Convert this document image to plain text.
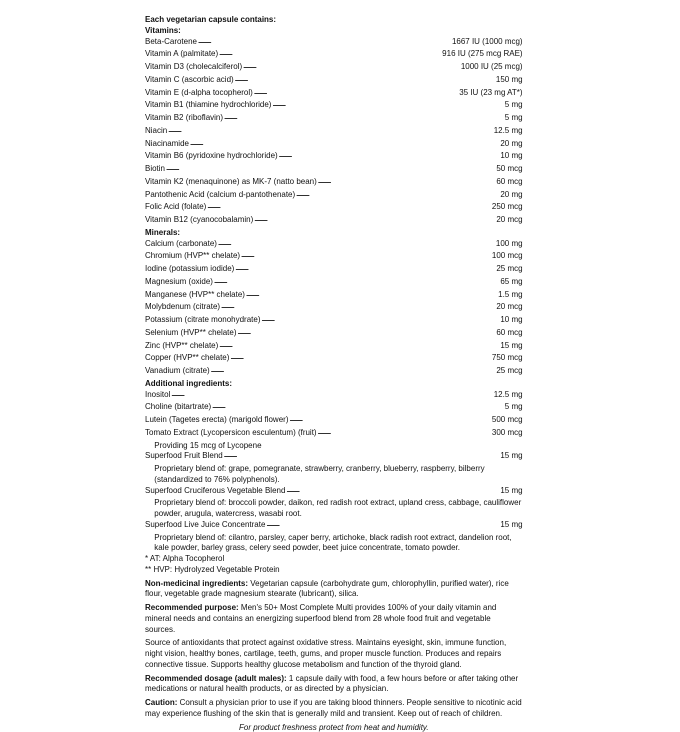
Each vegetarian capsule contains:
Vitamins:
Beta-Carotene . . .	1667 IU (1000 mcg)
Vitamin A (palmitate) . . .	916 IU (275 mcg RAE)
Vitamin D3 (cholecalciferol) . . .	1000 IU (25 mcg)
Vitamin C (ascorbic acid) . . .	150 mg
Vitamin E (d-alpha tocopherol) . . .	35 IU (23 mg AT*)
Vitamin B1 (thiamine hydrochloride) . . .	5 mg
Vitamin B2 (riboflavin) . . .	5 mg
Niacin . . .	12.5 mg
Niacinamide . . .	20 mg
Vitamin B6 (pyridoxine hydrochloride) . . .	10 mg
Biotin . . .	50 mcg
Vitamin K2 (menaquinone) as MK-7 (natto bean) . . .	60 mcg
Pantothenic Acid (calcium d-pantothenate) . . .	20 mg
Folic Acid (folate) . . .	250 mcg
Vitamin B12 (cyanocobalamin) . . .	20 mcg
Minerals:
Calcium (carbonate) . . .	100 mg
Chromium (HVP** chelate) . . .	100 mcg
Iodine (potassium iodide) . . .	25 mcg
Magnesium (oxide) . . .	65 mg
Manganese (HVP** chelate) . . .	1.5 mg
Molybdenum (citrate) . . .	20 mcg
Potassium (citrate monohydrate) . . .	10 mg
Selenium (HVP** chelate) . . .	60 mcg
Zinc (HVP** chelate) . . .	15 mg
Copper (HVP** chelate) . . .	750 mcg
Vanadium (citrate) . . .	25 mcg
Additional ingredients:
Inositol . . .	12.5 mg
Choline (bitartrate) . . .	5 mg
Lutein (Tagetes erecta) (marigold flower) . . .	500 mcg
Tomato Extract (Lycopersicon esculentum) (fruit) . . .	300 mcg
Providing 15 mcg of Lycopene
Superfood Fruit Blend . . .	15 mg
Proprietary blend of: grape, pomegranate, strawberry, cranberry, blueberry, raspberry, bilberry (standardized to 76% polyphenols).
Superfood Cruciferous Vegetable Blend . . .	15 mg
Proprietary blend of: broccoli powder, daikon, red radish root extract, upland cress, cabbage, cauliflower powder, arugula, watercress, wasabi root.
Superfood Live Juice Concentrate . . .	15 mg
Proprietary blend of: cilantro, parsley, caper berry, artichoke, black radish root extract, dandelion root, kale powder, barley grass, celery seed powder, beet juice concentrate, tomato powder.
* AT: Alpha Tocopherol
** HVP: Hydrolyzed Vegetable Protein
Non-medicinal ingredients: Vegetarian capsule (carbohydrate gum, chlorophyllin, purified water), rice flour, vegetable grade magnesium stearate (lubricant), silica.
Recommended purpose: Men's 50+ Most Complete Multi provides 100% of your daily vitamin and mineral needs and contains an energizing superfood blend from 28 whole food fruit and vegetable sources.
Source of antioxidants that protect against oxidative stress. Maintains eyesight, skin, immune function, night vision, healthy bones, cartilage, teeth, gums, and proper muscle function. Produces and repairs connective tissue. Supports healthy glucose metabolism and function of the thyroid gland.
Recommended dosage (adult males): 1 capsule daily with food, a few hours before or after taking other medications or natural health products, or as directed by a physician.
Caution: Consult a physician prior to use if you are taking blood thinners. People sensitive to nicotinic acid may experience flushing of the skin that is generally mild and transient. Keep out of reach of children.
For product freshness protect from heat and humidity.
